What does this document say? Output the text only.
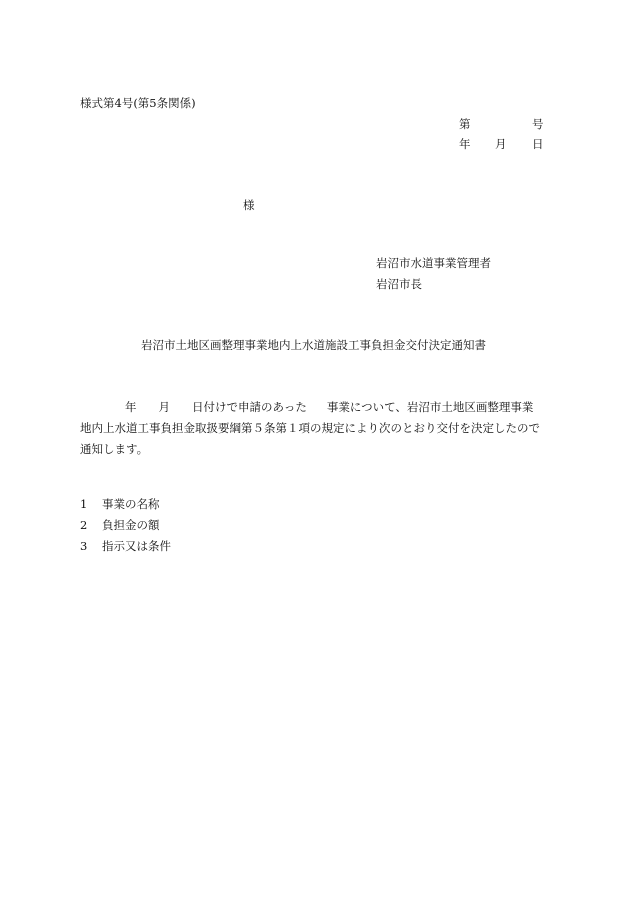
様式第4号(第5条関係)
第	号
年 月 日
様
岩沼市水道事業管理者
岩沼市長
岩沼市土地区画整理事業地内上水道施設工事負担金交付決定通知書
年 月 日付けで申請のあった 事業について、岩沼市土地区画整理事業
地内上水道工事負担金取扱要綱第５条第１項の規定により次のとおり交付を決定したので
通知します。
1 事業の名称
2 負担金の額
3 指示又は条件
